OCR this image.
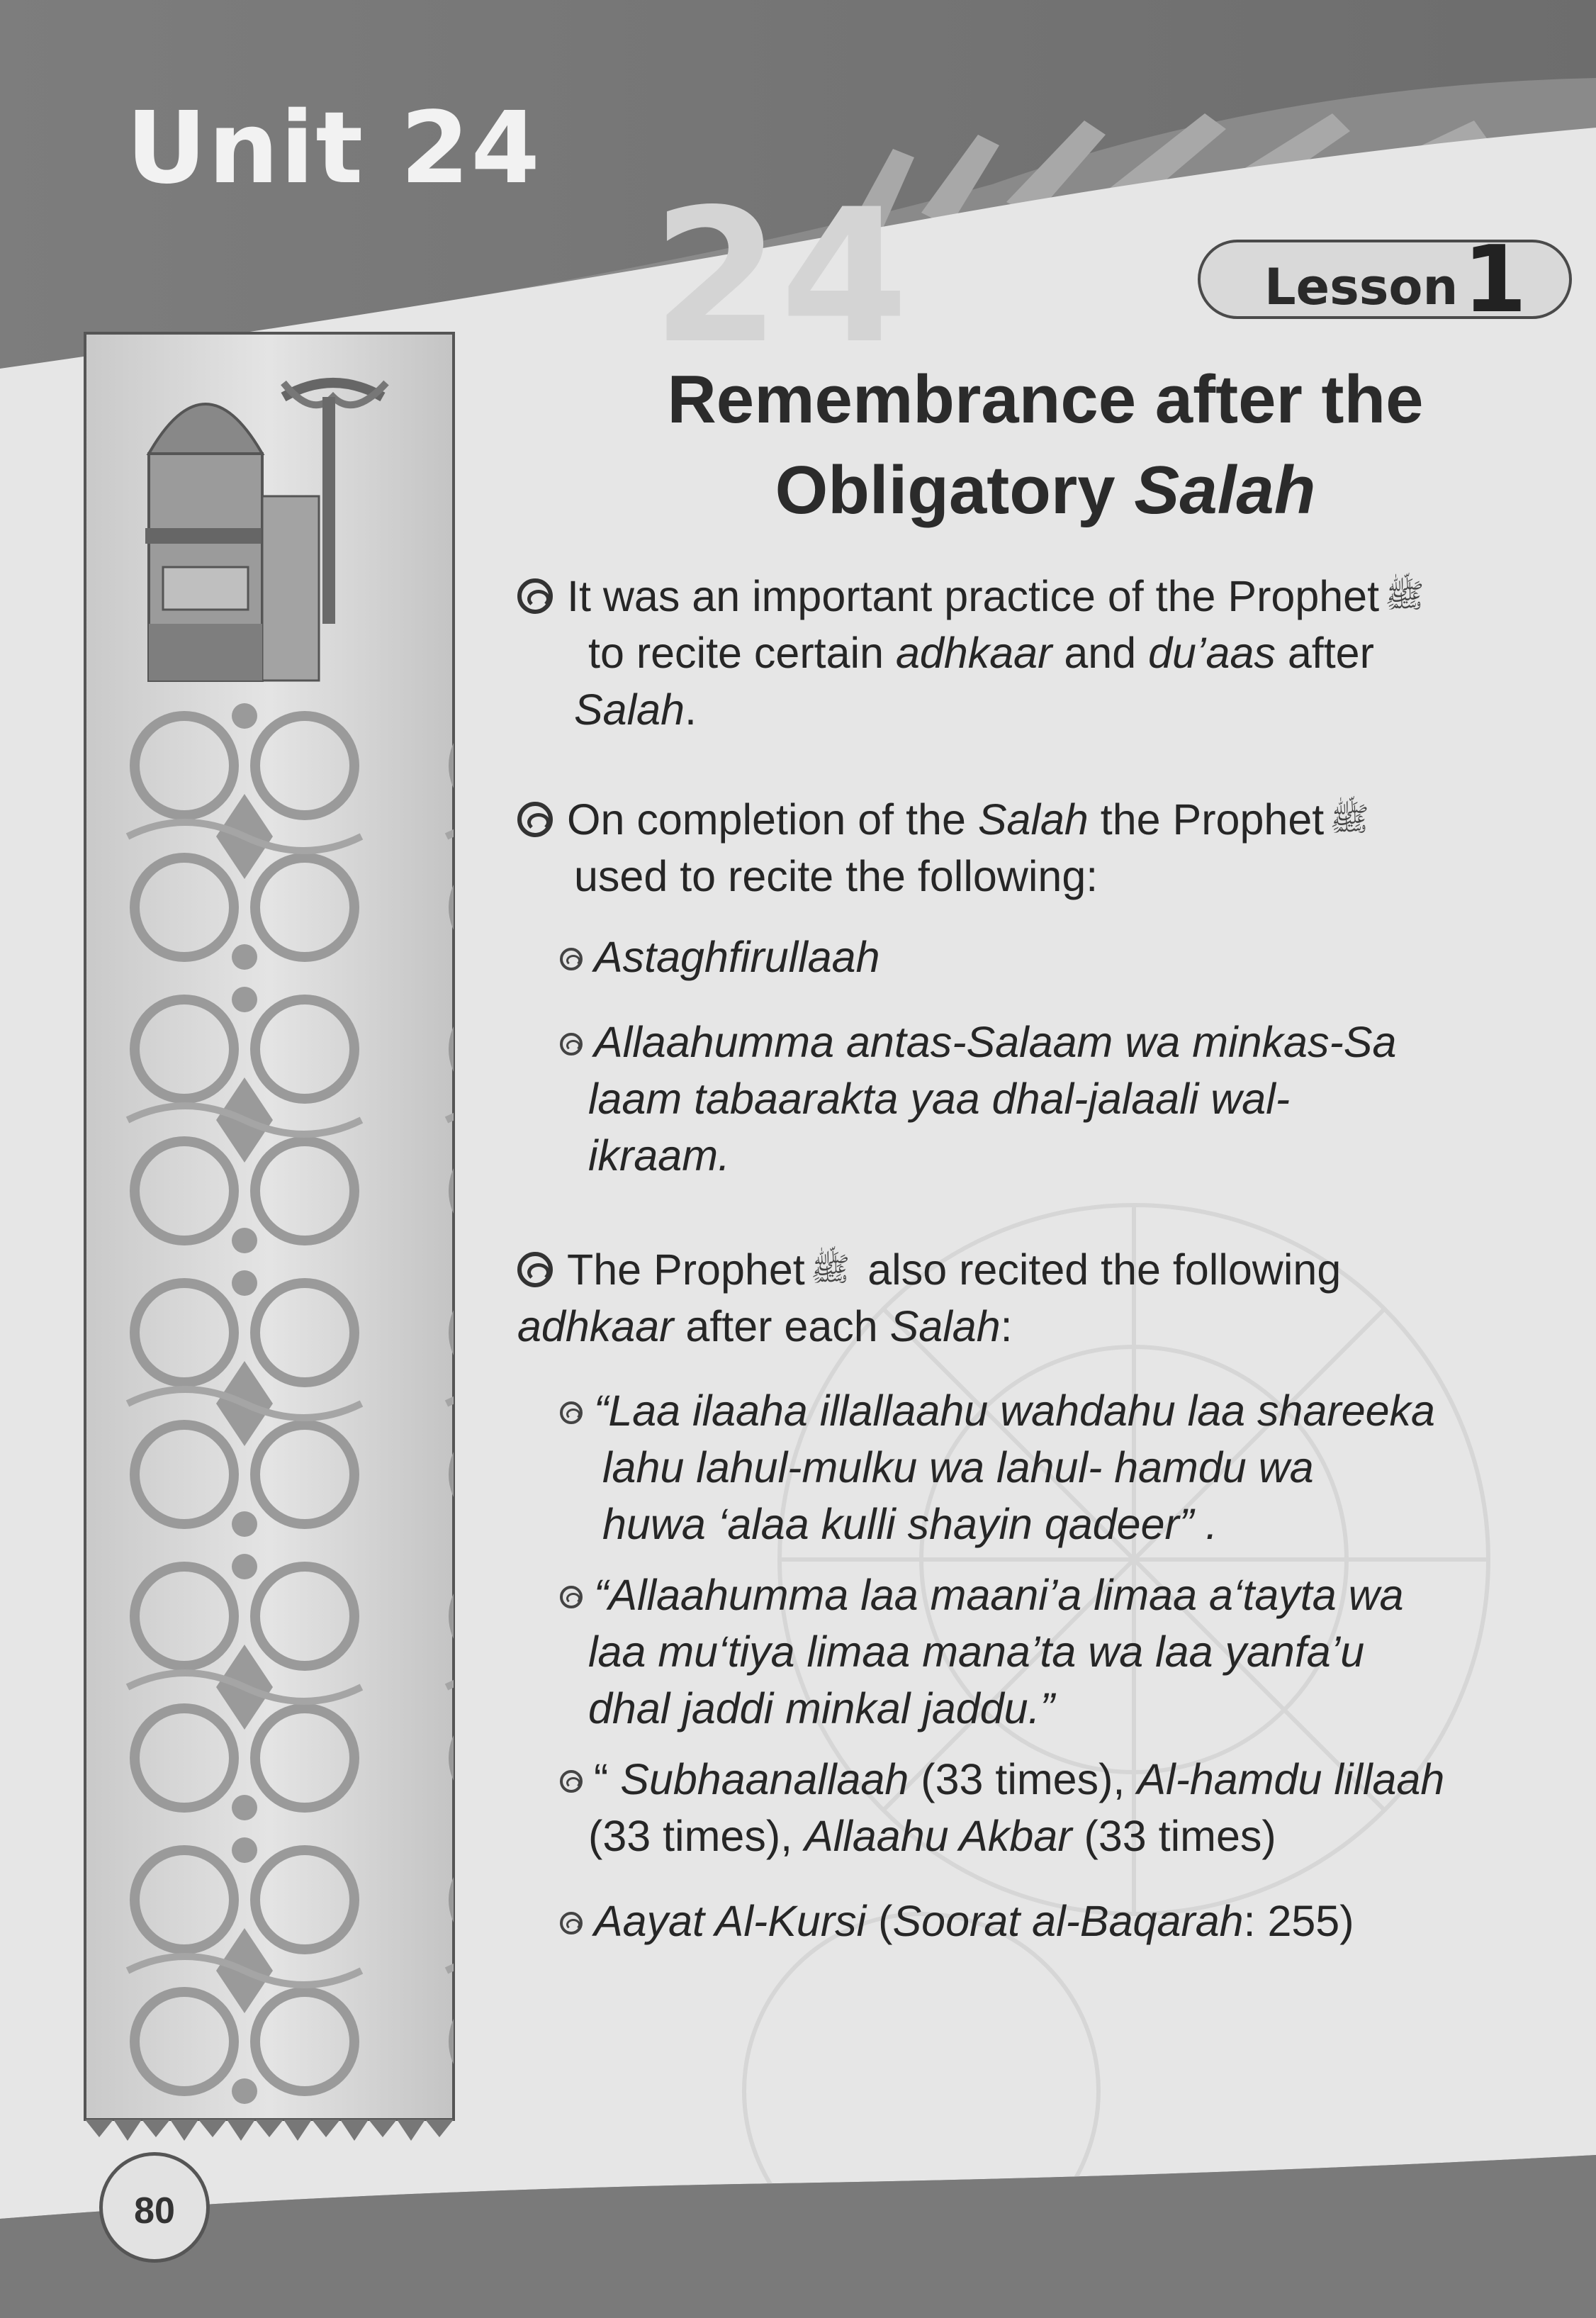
24
Unit 24
Lesson 1
Remembrance after the
Obligatory Salah
It was an important practice of the Prophet ﷺ
to recite certain adhkaar and du’aas after
Salah.
On completion of the Salah the Prophet ﷺ
used to recite the following:
Astaghfirullaah
Allaahumma antas-Salaam wa minkas-Sa
laam tabaarakta yaa dhal-jalaali wal-
ikraam.
The Prophet ﷺ also recited the following
adhkaar after each Salah:
“Laa ilaaha illallaahu wahdahu laa shareeka
lahu lahul-mulku wa lahul- hamdu wa
huwa ‘alaa kulli shayin qadeer” .
“Allaahumma laa maani’a limaa a‘tayta wa
laa mu‘tiya limaa mana’ta wa laa yanfa’u
dhal jaddi minkal jaddu.”
“ Subhaanallaah (33 times), Al-hamdu lillaah
(33 times), Allaahu Akbar (33 times)
Aayat Al-Kursi (Soorat al-Baqarah: 255)
80
